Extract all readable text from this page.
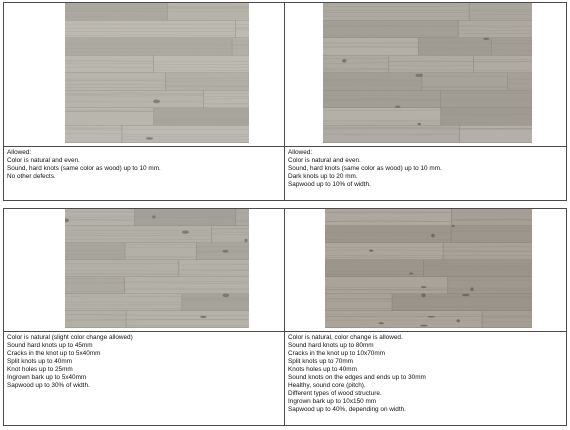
Allowed:
Color is natural and even.
Sound, hard knots (same color as wood) up to 10 mm.
No other defects.
Allowed:
Color is natural and even.
Sound, hard knots (same color as wood) up to 10 mm.
Dark knots up to 20 mm.
Sapwood up to 10% of width.
Color is natural (slight color change allowed)
Sound hard knots up to 45mm
Cracks in the knot up to 5x40mm
Split knots up to 40mm
Knot holes up to 25mm
Ingrown bark up to 5x40mm
Sapwood up to 30% of width.
Color is natural, color change is allowed.
Sound hard knots up to 80mm
Cracks in the knot up to 10x70mm
Split knots up to 70mm
Knots holes up to 40mm
Sound knots on the edges and ends up to 30mm
Healthy, sound core (pitch).
Different types of wood structure.
Ingrown bark up to 10x150 mm
Sapwood up to 40%, depending on width.
